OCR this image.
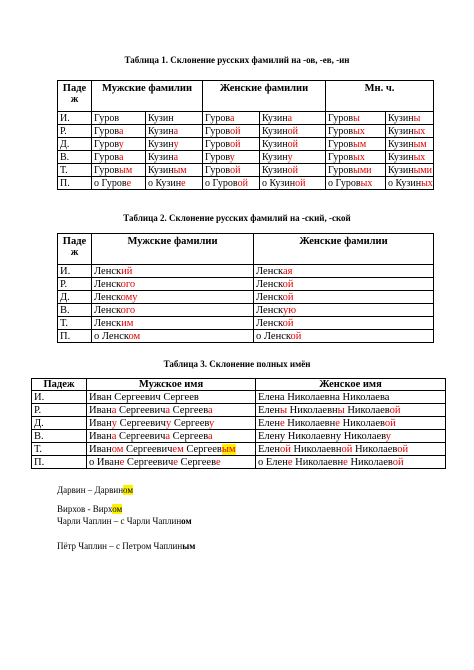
Таблица 1. Склонение русских фамилий на -ов, -ев, -ин
Паде ж	Мужские фамилии		Женские фамилии		Мн. ч.	
И.	Гуров	Кузин	Гурова	Кузина	Гуровы	Кузины
Р.	Гурова	Кузина	Гуровой	Кузиной	Гуровых	Кузиных
Д.	Гурову	Кузину	Гуровой	Кузиной	Гуровым	Кузиным
В.	Гурова	Кузина	Гурову	Кузину	Гуровых	Кузиных
Т.	Гуровым	Кузиным	Гуровой	Кузиной	Гуровыми	Кузиными
П.	о Гурове	о Кузине	о Гуровой	о Кузиной	о Гуровых	о Кузиных
Таблица 2. Склонение русских фамилий на -ский, -ской
Паде ж	Мужские фамилии	Женские фамилии
И.	Ленский	Ленская
Р.	Ленского	Ленской
Д.	Ленскому	Ленской
В.	Ленского	Ленскую
Т.	Ленским	Ленской
П.	о Ленском	о Ленской
Таблица 3. Склонение полных имён
Падеж	Мужское имя	Женское имя
И.	Иван Сергеевич Сергеев	Елена Николаевна Николаева
Р.	Ивана Сергеевича Сергеева	Елены Николаевны Николаевой
Д.	Ивану Сергеевичу Сергееву	Елене Николаевне Николаевой
В.	Ивана Сергеевича Сергеева	Елену Николаевну Николаеву
Т.	Иваном Сергеевичем Сергеевым	Еленой Николаевной Николаевой
П.	о Иване Сергеевиче Сергееве	о Елене Николаевне Николаевой
Дарвин – Дарвином
Вирхов - Вирхом
Чарли Чаплин – с Чарли Чаплином
Пётр Чаплин – с Петром Чаплиным
